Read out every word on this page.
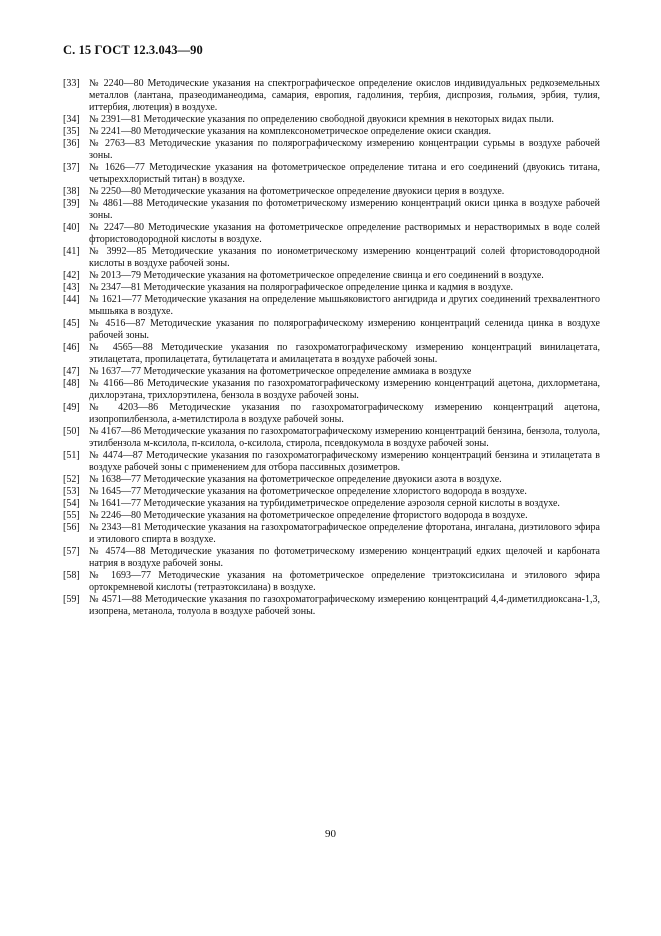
С. 15 ГОСТ 12.3.043—90
[33] № 2240—80 Методические указания на спектрографическое определение окислов индивидуальных редкоземельных металлов (лантана, празеодиманеодима, самария, европия, гадолиния, тербия, диспрозия, гольмия, эрбия, тулия, иттербия, лютеция) в воздухе.
[34] № 2391—81 Методические указания по определению свободной двуокиси кремния в некоторых видах пыли.
[35] № 2241—80 Методические указания на комплексонометрическое определение окиси скандия.
[36] № 2763—83 Методические указания по полярографическому измерению концентрации сурьмы в воздухе рабочей зоны.
[37] № 1626—77 Методические указания на фотометрическое определение титана и его соединений (двуокись титана, четыреххлористый титан) в воздухе.
[38] № 2250—80 Методические указания на фотометрическое определение двуокиси церия в воздухе.
[39] № 4861—88 Методические указания по фотометрическому измерению концентраций окиси цинка в воздухе рабочей зоны.
[40] № 2247—80 Методические указания на фотометрическое определение растворимых и нерастворимых в воде солей фтористоводородной кислоты в воздухе.
[41] № 3992—85 Методические указания по ионометрическому измерению концентраций солей фтористоводородной кислоты в воздухе рабочей зоны.
[42] № 2013—79 Методические указания на фотометрическое определение свинца и его соединений в воздухе.
[43] № 2347—81 Методические указания на полярографическое определение цинка и кадмия в воздухе.
[44] № 1621—77 Методические указания на определение мышьяковистого ангидрида и других соединений трехвалентного мышьяка в воздухе.
[45] № 4516—87 Методические указания по полярографическому измерению концентраций селенида цинка в воздухе рабочей зоны.
[46] № 4565—88 Методические указания по газохроматографическому измерению концентраций винилацетата, этилацетата, пропилацетата, бутилацетата и амилацетата в воздухе рабочей зоны.
[47] № 1637—77 Методические указания на фотометрическое определение аммиака в воздухе
[48] № 4166—86 Методические указания по газохроматографическому измерению концентраций ацетона, дихлорметана, дихлорэтана, трихлорэтилена, бензола в воздухе рабочей зоны.
[49] № 4203—86 Методические указания по газохроматографическому измерению концентраций ацетона, изопропилбензола, а-метилстирола в воздухе рабочей зоны.
[50] № 4167—86 Методические указания по газохроматографическому измерению концентраций бензина, бензола, толуола, этилбензола м-ксилола, п-ксилола, о-ксилола, стирола, псевдокумола в воздухе рабочей зоны.
[51] № 4474—87 Методические указания по газохроматографическому измерению концентраций бензина и этилацетата в воздухе рабочей зоны с применением для отбора пассивных дозиметров.
[52] № 1638—77 Методические указания на фотометрическое определение двуокиси азота в воздухе.
[53] № 1645—77 Методические указания на фотометрическое определение хлористого водорода в воздухе.
[54] № 1641—77 Методические указания на турбидиметрическое определение аэрозоля серной кислоты в воздухе.
[55] № 2246—80 Методические указания на фотометрическое определение фтористого водорода в воздухе.
[56] № 2343—81 Методические указания на газохроматографическое определение фторотана, ингалана, диэтилового эфира и этилового спирта в воздухе.
[57] № 4574—88 Методические указания по фотометрическому измерению концентраций едких щелочей и карбоната натрия в воздухе рабочей зоны.
[58] № 1693—77 Методические указания на фотометрическое определение триэтоксисилана и этилового эфира ортокремневой кислоты (тетраэтоксилана) в воздухе.
[59] № 4571—88 Методические указания по газохроматографическому измерению концентраций 4,4-диметилдиоксана-1,3, изопрена, метанола, толуола в воздухе рабочей зоны.
90
